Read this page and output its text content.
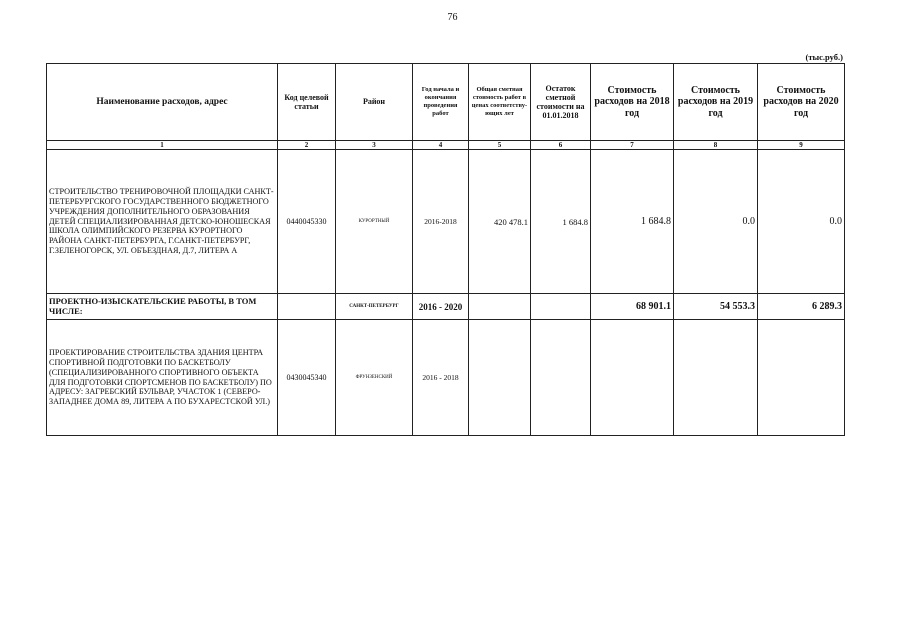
76
(тыс.руб.)
Наименование расходов, адрес	Код целевой статьи	Район	Год начала и окончания проведения работ	Общая сметная стоимость работ в ценах соответству-ющих лет	Остаток сметной стоимости на 01.01.2018	Стоимость расходов на 2018 год	Стоимость расходов на 2019 год	Стоимость расходов на 2020 год
1	2	3	4	5	6	7	8	9
СТРОИТЕЛЬСТВО ТРЕНИРОВОЧНОЙ ПЛОЩАДКИ САНКТ-ПЕТЕРБУРГСКОГО ГОСУДАРСТВЕННОГО БЮДЖЕТНОГО УЧРЕЖДЕНИЯ ДОПОЛНИТЕЛЬНОГО ОБРАЗОВАНИЯ ДЕТЕЙ СПЕЦИАЛИЗИРОВАННАЯ ДЕТСКО-ЮНОШЕСКАЯ ШКОЛА ОЛИМПИЙСКОГО РЕЗЕРВА КУРОРТНОГО РАЙОНА САНКТ-ПЕТЕРБУРГА, Г.САНКТ-ПЕТЕРБУРГ, Г.ЗЕЛЕНОГОРСК, УЛ. ОБЪЕЗДНАЯ, Д.7, ЛИТЕРА А	0440045330	КУРОРТНЫЙ	2016-2018	420 478.1	1 684.8	1 684.8	0.0	0.0
ПРОЕКТНО-ИЗЫСКАТЕЛЬСКИЕ РАБОТЫ, В ТОМ ЧИСЛЕ:		САНКТ-ПЕТЕРБУРГ	2016 - 2020			68 901.1	54 553.3	6 289.3
ПРОЕКТИРОВАНИЕ СТРОИТЕЛЬСТВА ЗДАНИЯ ЦЕНТРА СПОРТИВНОЙ ПОДГОТОВКИ ПО БАСКЕТБОЛУ (СПЕЦИАЛИЗИРОВАННОГО СПОРТИВНОГО ОБЪЕКТА ДЛЯ ПОДГОТОВКИ СПОРТСМЕНОВ ПО БАСКЕТБОЛУ) ПО АДРЕСУ: ЗАГРЕБСКИЙ БУЛЬВАР, УЧАСТОК 1 (СЕВЕРО-ЗАПАДНЕЕ ДОМА 89, ЛИТЕРА А ПО БУХАРЕСТСКОЙ УЛ.)	0430045340	ФРУНЗЕНСКИЙ	2016 - 2018					
